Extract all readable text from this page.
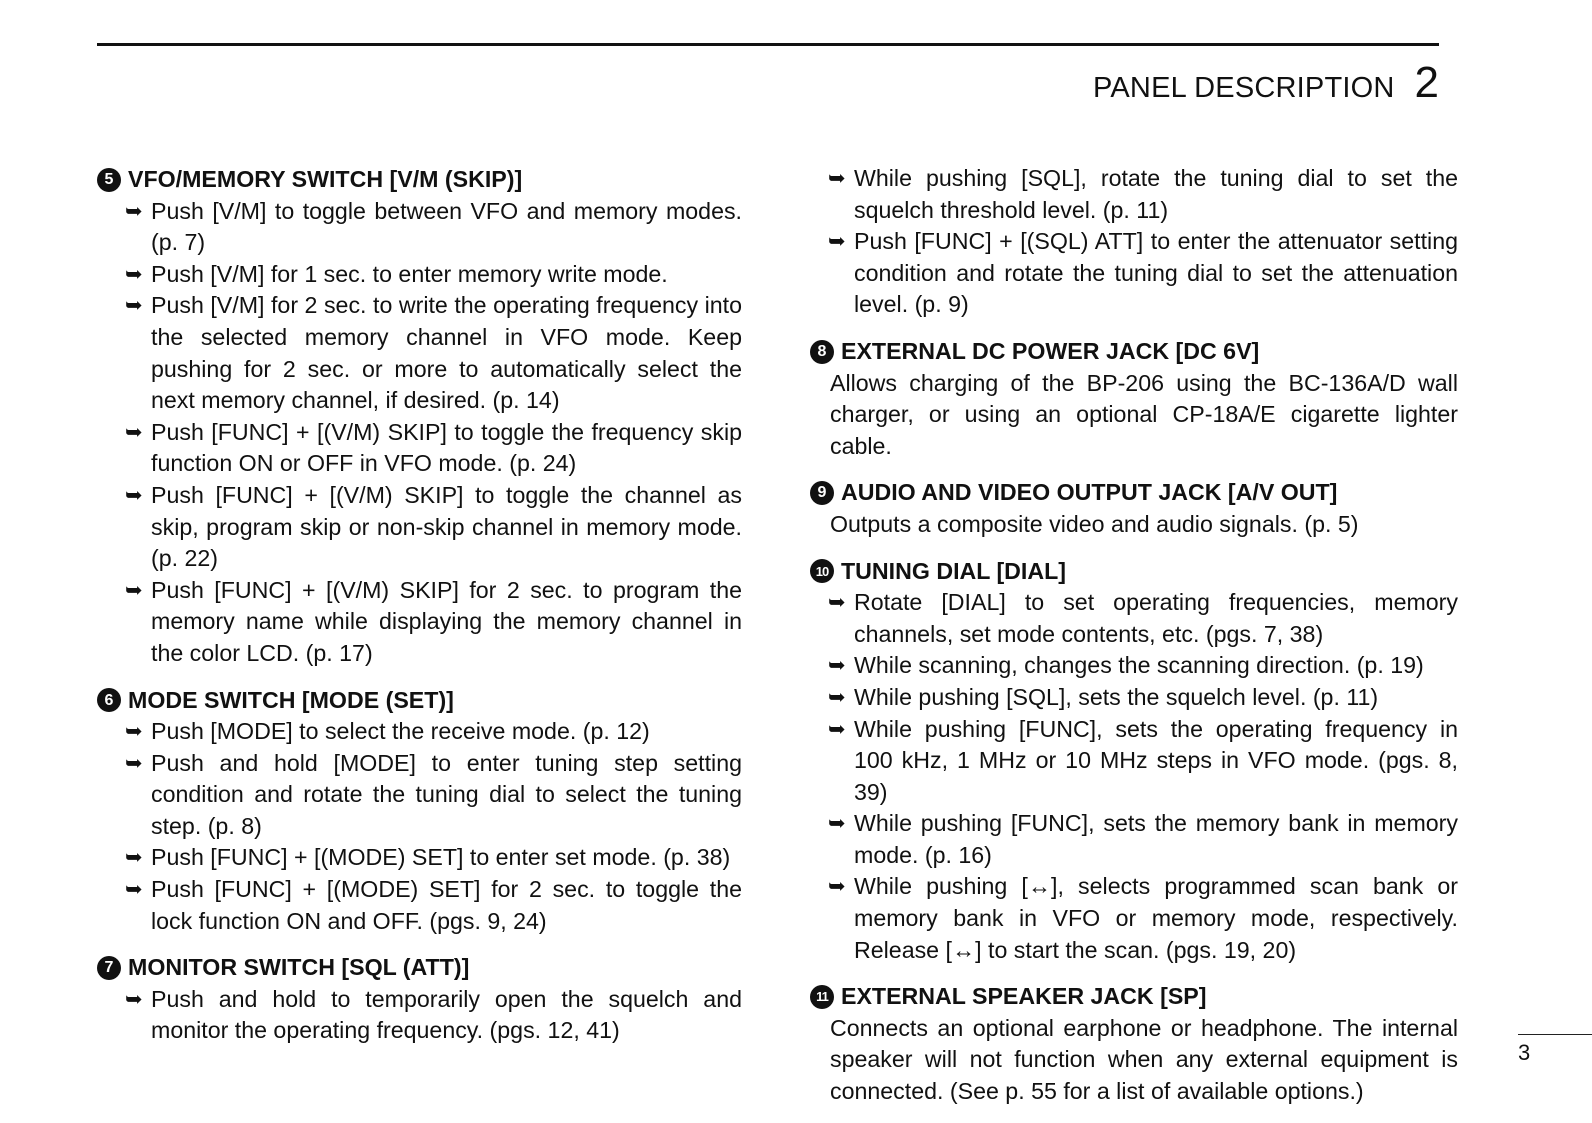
PANEL DESCRIPTION 2
5 VFO/MEMORY SWITCH [V/M (SKIP)]
➥ Push [V/M] to toggle between VFO and memory modes. (p. 7)
➥ Push [V/M] for 1 sec. to enter memory write mode.
➥ Push [V/M] for 2 sec. to write the operating frequency into the selected memory channel in VFO mode. Keep pushing for 2 sec. or more to automatically select the next memory channel, if desired. (p. 14)
➥ Push [FUNC] + [(V/M) SKIP] to toggle the frequency skip function ON or OFF in VFO mode. (p. 24)
➥ Push [FUNC] + [(V/M) SKIP] to toggle the channel as skip, program skip or non-skip channel in memory mode. (p. 22)
➥ Push [FUNC] + [(V/M) SKIP] for 2 sec. to program the memory name while displaying the memory channel in the color LCD. (p. 17)
6 MODE SWITCH [MODE (SET)]
➥ Push [MODE] to select the receive mode. (p. 12)
➥ Push and hold [MODE] to enter tuning step setting condition and rotate the tuning dial to select the tuning step. (p. 8)
➥ Push [FUNC] + [(MODE) SET] to enter set mode. (p. 38)
➥ Push [FUNC] + [(MODE) SET] for 2 sec. to toggle the lock function ON and OFF. (pgs. 9, 24)
7 MONITOR SWITCH [SQL (ATT)]
➥ Push and hold to temporarily open the squelch and monitor the operating frequency. (pgs. 12, 41)
➥ While pushing [SQL], rotate the tuning dial to set the squelch threshold level. (p. 11)
➥ Push [FUNC] + [(SQL) ATT] to enter the attenuator setting condition and rotate the tuning dial to set the attenuation level. (p. 9)
8 EXTERNAL DC POWER JACK [DC 6V]
Allows charging of the BP-206 using the BC-136A/D wall charger, or using an optional CP-18A/E cigarette lighter cable.
9 AUDIO AND VIDEO OUTPUT JACK [A/V OUT]
Outputs a composite video and audio signals. (p. 5)
10 TUNING DIAL [DIAL]
➥ Rotate [DIAL] to set operating frequencies, memory channels, set mode contents, etc. (pgs. 7, 38)
➥ While scanning, changes the scanning direction. (p. 19)
➥ While pushing [SQL], sets the squelch level. (p. 11)
➥ While pushing [FUNC], sets the operating frequency in 100 kHz, 1 MHz or 10 MHz steps in VFO mode. (pgs. 8, 39)
➥ While pushing [FUNC], sets the memory bank in memory mode. (p. 16)
➥ While pushing [↔], selects programmed scan bank or memory bank in VFO or memory mode, respectively. Release [↔] to start the scan. (pgs. 19, 20)
11 EXTERNAL SPEAKER JACK [SP]
Connects an optional earphone or headphone. The internal speaker will not function when any external equipment is connected. (See p. 55 for a list of available options.)
3
